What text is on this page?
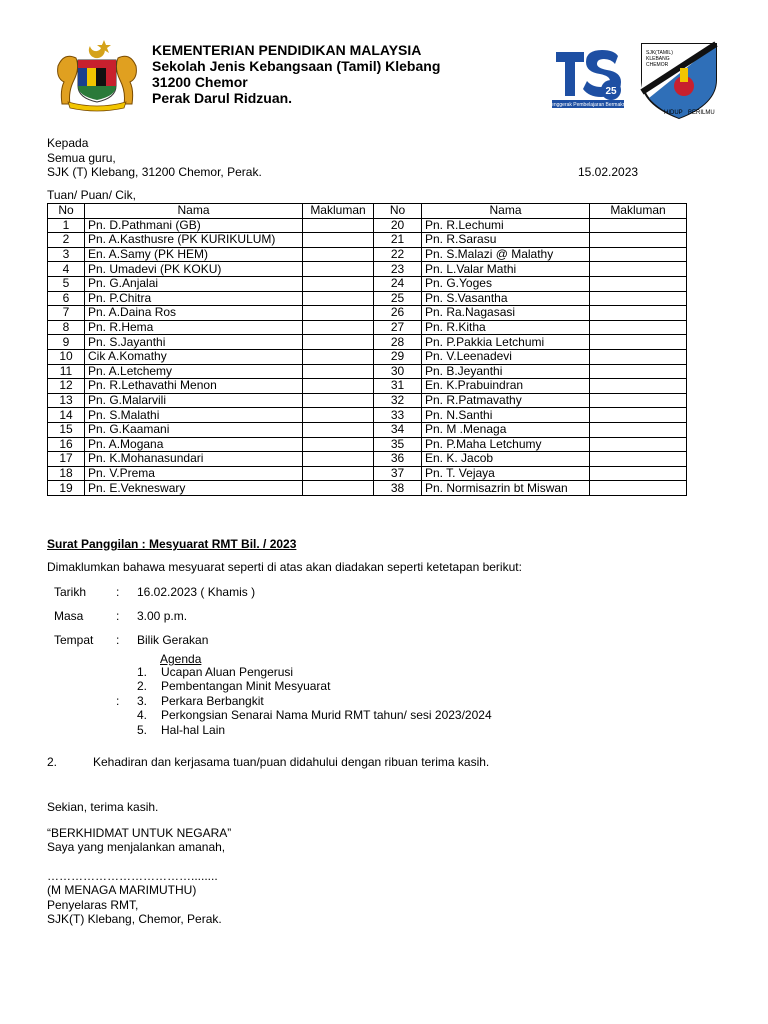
KEMENTERIAN PENDIDIKAN MALAYSIA
Sekolah Jenis Kebangsaan (Tamil) Klebang
31200 Chemor
Perak Darul Ridzuan.	25
Penggerak Pembelajaran Bermakna
SJK(TAMIL)
KLEBANG
CHEMOR
HIDUP BERILMU
Kepada
Semua guru,
SJK (T) Klebang, 31200 Chemor, Perak.	15.02.2023
Tuan/ Puan/ Cik,
No	Nama	Makluman	No	Nama	Makluman
1	Pn. D.Pathmani (GB)		20	Pn. R.Lechumi	
2	Pn. A.Kasthusre (PK KURIKULUM)		21	Pn. R.Sarasu	
3	En. A.Samy (PK HEM)		22	Pn. S.Malazi @ Malathy	
4	Pn. Umadevi (PK KOKU)		23	Pn. L.Valar Mathi	
5	Pn. G.Anjalai		24	Pn. G.Yoges	
6	Pn. P.Chitra		25	Pn. S.Vasantha	
7	Pn. A.Daina Ros		26	Pn. Ra.Nagasasi	
8	Pn. R.Hema		27	Pn. R.Kitha	
9	Pn. S.Jayanthi		28	Pn. P.Pakkia Letchumi	
10	Cik A.Komathy		29	Pn. V.Leenadevi	
11	Pn. A.Letchemy		30	Pn. B.Jeyanthi	
12	Pn. R.Lethavathi Menon		31	En. K.Prabuindran	
13	Pn. G.Malarvili		32	Pn. R.Patmavathy	
14	Pn. S.Malathi		33	Pn. N.Santhi	
15	Pn. G.Kaamani		34	Pn. M .Menaga	
16	Pn. A.Mogana		35	Pn. P.Maha Letchumy	
17	Pn. K.Mohanasundari		36	En. K. Jacob	
18	Pn. V.Prema		37	Pn. T. Vejaya	
19	Pn. E.Vekneswary		38	Pn. Normisazrin bt Miswan	
Surat Panggilan : Mesyuarat RMT Bil. / 2023
Dimaklumkan bahawa mesyuarat seperti di atas akan diadakan seperti ketetapan berikut:
Tarikh : 16.02.2023 ( Khamis )
Masa	: 3.00 p.m.
Tempat : Bilik Gerakan
Agenda
:
1. Ucapan Aluan Pengerusi
2. Pembentangan Minit Mesyuarat
3. Perkara Berbangkit
4. Perkongsian Senarai Nama Murid RMT tahun/ sesi 2023/2024
5. Hal-hal Lain
2.	Kehadiran dan kerjasama tuan/puan didahului dengan ribuan terima kasih.
Sekian, terima kasih.
“BERKHIDMAT UNTUK NEGARA”
Saya yang menjalankan amanah,
………………………………........
(M MENAGA MARIMUTHU)
Penyelaras RMT,
SJK(T) Klebang, Chemor, Perak.
